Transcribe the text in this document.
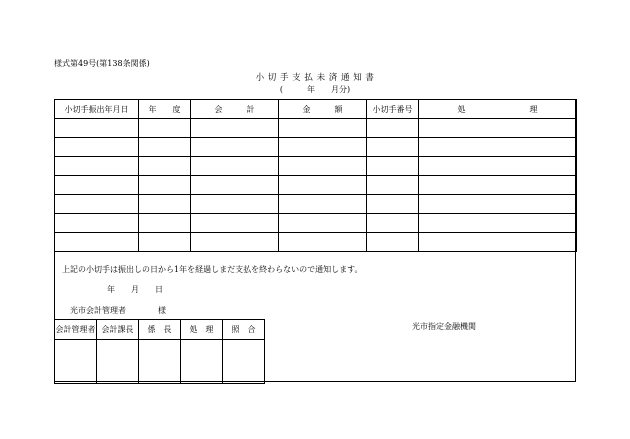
様式第49号(第138条関係)
小 切 手 支 払 未 済 通 知 書
(　　　年　　月分)
小切手振出年月日	年　　度	会　　　計	金　　　額	小切手番号	処　　　　　　　　理

上記の小切手は振出しの日から1年を経過しまだ支払を終わらないので通知します。
年　　月　　日
光市会計管理者　　　　様
会計管理者	会計課長	係　長	処　理	照　合
					光市指定金融機関
